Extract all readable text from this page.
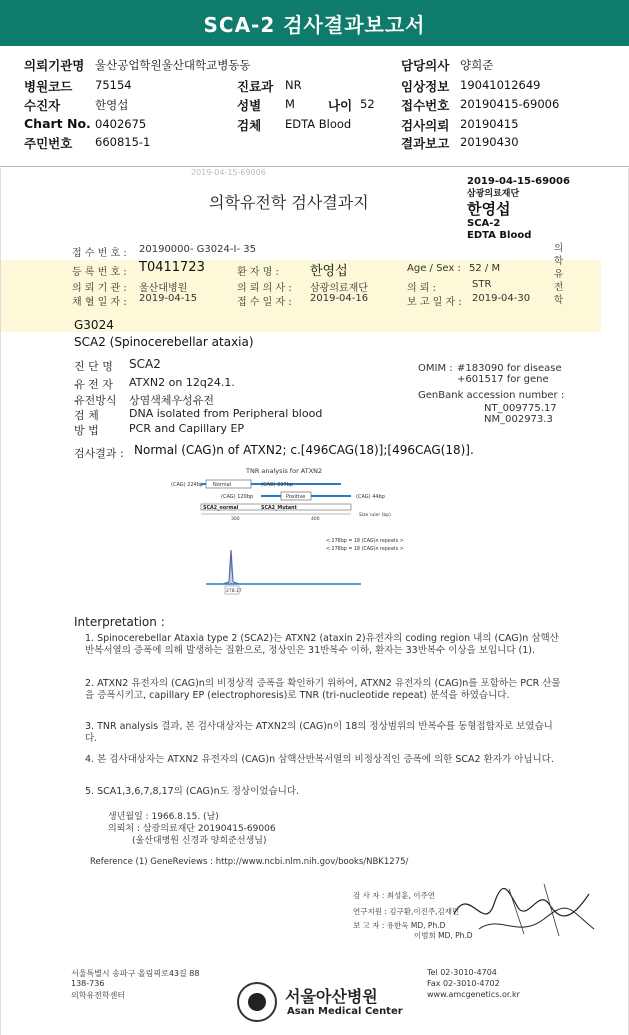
SCA-2 검사결과보고서
의뢰기관명 울산공업학원울산대학교병동동	담당의사 양희준
병원코드 75154	진료과 NR	임상정보 19041012649
수진자	한영섭	성별 M	나이 52 접수번호 20190415-69006
Chart No. 0402675	검체 EDTA Blood	검사의뢰 20190415
주민번호 660815-1	결과보고 20190430
2019-04-15-69006
의학유전학 검사결과지
2019-04-15-69006
삼광의료재단
한영섭
SCA-2
EDTA Blood
의 학 유 전 학
접 수 번 호 : 20190000- G3024-I- 35
등 록 번 호 : T0411723	환 자 명 : 한영섭	Age / Sex : 52 / M
의 뢰 기 관 : 울산대병원	의 뢰 의 사 : 삼광의료재단	의 뢰 :	STR
채 혈 일 자 : 2019-04-15	접 수 일 자 : 2019-04-16	보 고 일 자 : 2019-04-30
G3024
SCA2 (Spinocerebellar ataxia)
진 단 명 SCA2
유 전 자 ATXN2 on 12q24.1.
유전방식 상염색체우성유전
검 체	DNA isolated from Peripheral blood
방 법	PCR and Capillary EP
OMIM : #183090 for disease
+601517 for gene
GenBank accession number :
NT_009775.17
NM_002973.3
검사결과 : Normal (CAG)n of ATXN2; c.[496CAG(18)];[496CAG(18)].
TNR analysis for ATXN2
(CAG) 224bp Normal	(CAG) 227bp
(CAG) 120bp	Positive	(CAG) 44bp
SCA2_normal	SCA2_Mutant
300	400
Size ruler (bp)
< 278bp = 18 (CAG)n repeats >
< 278bp = 18 (CAG)n repeats >
278.17
Interpretation :

1. Spinocerebellar Ataxia type 2 (SCA2)는 ATXN2 (ataxin 2)유전자의 coding region 내의 (CAG)n 삼핵산 반복서열의 증폭에 의해 발생하는 질환으로, 정상인은 31반복수 이하, 환자는 33반복수 이상을 보입니다 (1).

2. ATXN2 유전자의 (CAG)n의 비정상적 증폭을 확인하기 위하여, ATXN2 유전자의 (CAG)n를 포함하는 PCR 산물을 증폭시키고, capillary EP (electrophoresis)로 TNR (tri-nucleotide repeat) 분석을 하였습니다.

3. TNR analysis 결과, 본 검사대상자는 ATXN2의 (CAG)n이 18의 정상범위의 반복수를 동형접합자로 보였습니다.

4. 본 검사대상자는 ATXN2 유전자의 (CAG)n 삼핵산반복서열의 비정상적인 증폭에 의한 SCA2 환자가 아닙니다.

5. SCA1,3,6,7,8,17의 (CAG)n도 정상이었습니다.

생년월일 : 1966.8.15. (남)
의뢰처 : 삼광의료재단 20190415-69006
(울산대병원 신경과 양희준선생님)
Reference (1) GeneReviews : http://www.ncbi.nlm.nih.gov/books/NBK1275/
검 사 자 : 최성훈, 이주연
연구지원 : 김구환,이진주,김재민
보 고 자 : 유한욱 MD, Ph.D
이범희 MD, Ph.D
서울특별시 송파구 올림픽로43길 88
138-736
의학유전학센터	서울아산병원
Asan Medical Center
Tel 02-3010-4704
Fax 02-3010-4702
www.amcgenetics.or.kr
